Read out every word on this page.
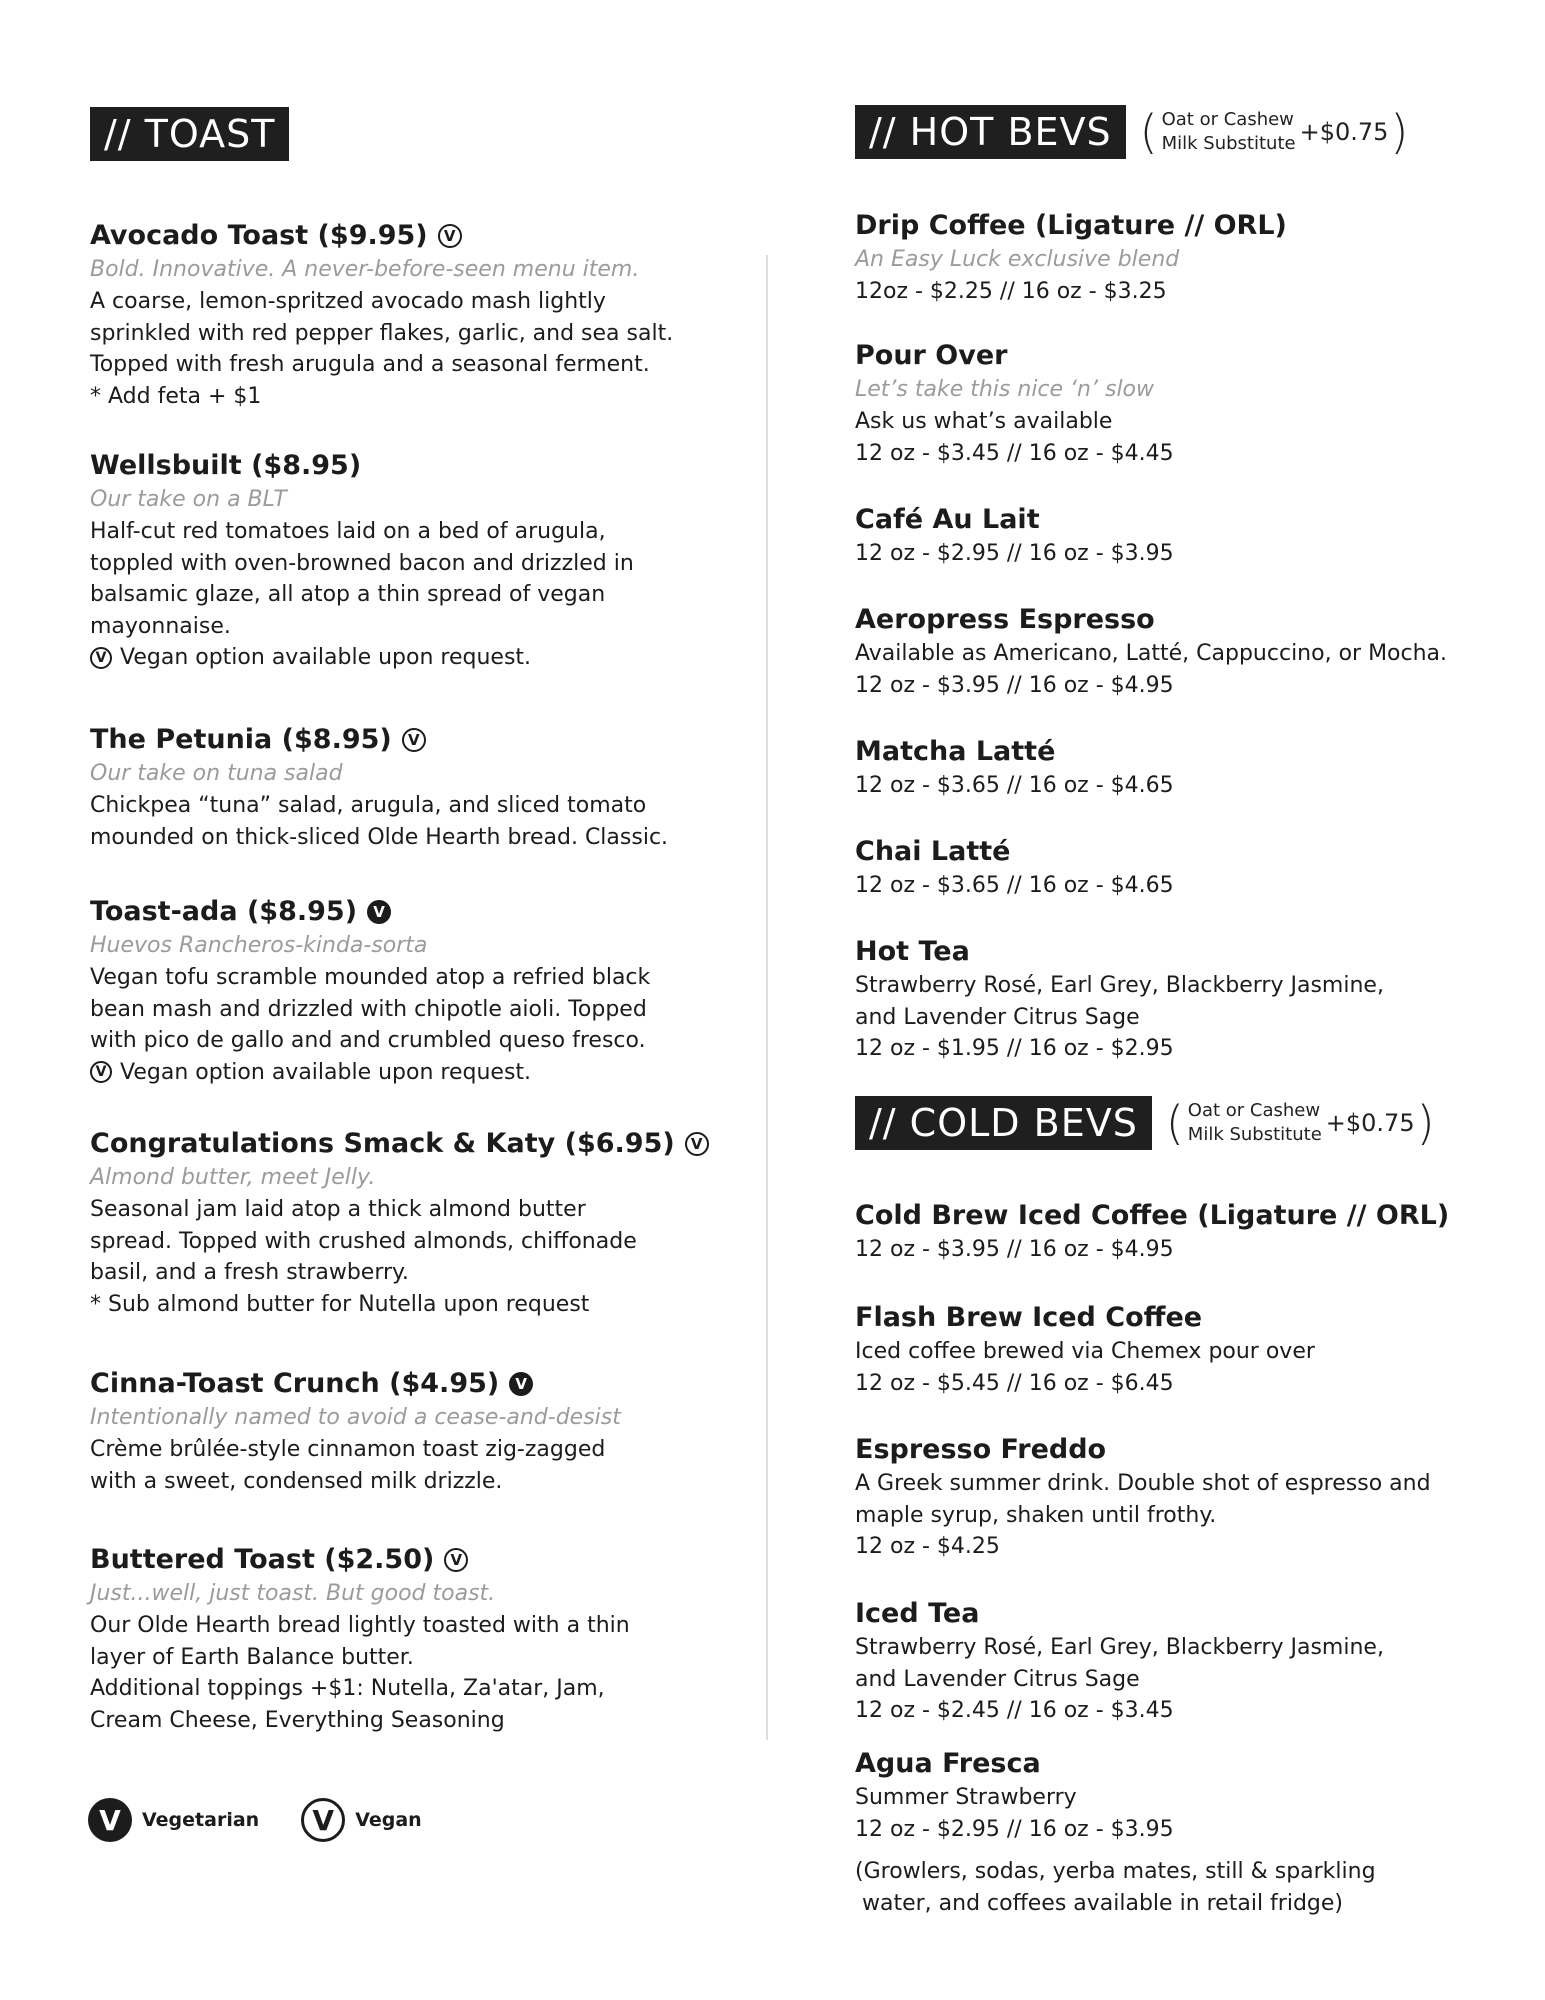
// TOAST
Avocado Toast ($9.95)	V
Bold. Innovative. A never-before-seen menu item.
A coarse, lemon-spritzed avocado mash lightly
sprinkled with red pepper flakes, garlic, and sea salt.
Topped with fresh arugula and a seasonal ferment.
* Add feta + $1
Wellsbuilt ($8.95)
Our take on a BLT
Half-cut red tomatoes laid on a bed of arugula,
toppled with oven-browned bacon and drizzled in
balsamic glaze, all atop a thin spread of vegan
mayonnaise.
V Vegan option available upon request.
The Petunia ($8.95)	V
Our take on tuna salad
Chickpea “tuna” salad, arugula, and sliced tomato
mounded on thick-sliced Olde Hearth bread. Classic.
Toast-ada ($8.95)	V
Huevos Rancheros-kinda-sorta
Vegan tofu scramble mounded atop a refried black
bean mash and drizzled with chipotle aioli. Topped
with pico de gallo and and crumbled queso fresco.
V Vegan option available upon request.
Congratulations Smack & Katy ($6.95)	V
Almond butter, meet Jelly.
Seasonal jam laid atop a thick almond butter
spread. Topped with crushed almonds, chiffonade
basil, and a fresh strawberry.
* Sub almond butter for Nutella upon request
Cinna-Toast Crunch ($4.95)	V
Intentionally named to avoid a cease-and-desist
Crème brûlée-style cinnamon toast zig-zagged
with a sweet, condensed milk drizzle.
Buttered Toast ($2.50)	V
Just...well, just toast. But good toast.
Our Olde Hearth bread lightly toasted with a thin
layer of Earth Balance butter.
Additional toppings +$1: Nutella, Za'atar, Jam,
Cream Cheese, Everything Seasoning
V	Vegetarian	V	Vegan
// HOT BEVS ( Oat or Cashew
Milk Substitute +$0.75 )
Drip Coffee (Ligature // ORL)
An Easy Luck exclusive blend
12oz - $2.25 // 16 oz - $3.25
Pour Over
Let’s take this nice ‘n’ slow
Ask us what’s available
12 oz - $3.45 // 16 oz - $4.45
Café Au Lait
12 oz - $2.95 // 16 oz - $3.95
Aeropress Espresso
Available as Americano, Latté, Cappuccino, or Mocha.
12 oz - $3.95 // 16 oz - $4.95
Matcha Latté
12 oz - $3.65 // 16 oz - $4.65
Chai Latté
12 oz - $3.65 // 16 oz - $4.65
Hot Tea
Strawberry Rosé, Earl Grey, Blackberry Jasmine,
and Lavender Citrus Sage
12 oz - $1.95 // 16 oz - $2.95
// COLD BEVS ( Oat or Cashew
Milk Substitute +$0.75 )
Cold Brew Iced Coffee (Ligature // ORL)
12 oz - $3.95 // 16 oz - $4.95
Flash Brew Iced Coffee
Iced coffee brewed via Chemex pour over
12 oz - $5.45 // 16 oz - $6.45
Espresso Freddo
A Greek summer drink. Double shot of espresso and
maple syrup, shaken until frothy.
12 oz - $4.25
Iced Tea
Strawberry Rosé, Earl Grey, Blackberry Jasmine,
and Lavender Citrus Sage
12 oz - $2.45 // 16 oz - $3.45
Agua Fresca
Summer Strawberry
12 oz - $2.95 // 16 oz - $3.95
(Growlers, sodas, yerba mates, still & sparkling
water, and coffees available in retail fridge)
